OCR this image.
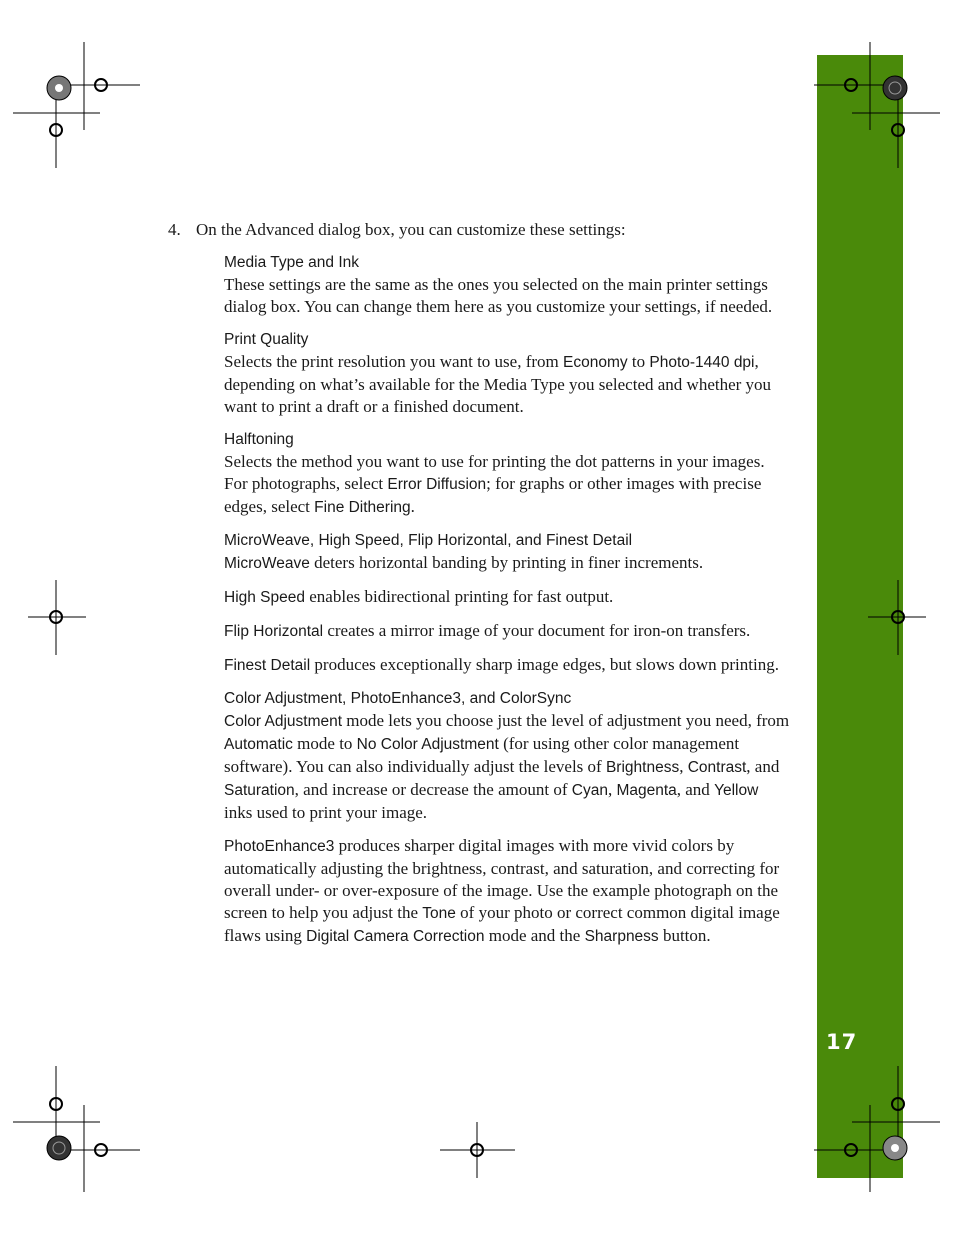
17
4. On the Advanced dialog box, you can customize these settings:

Media Type and Ink

These settings are the same as the ones you selected on the main printer settings dialog box. You can change them here as you customize your settings, if needed.

Print Quality

Selects the print resolution you want to use, from Economy to Photo-1440 dpi, depending on what’s available for the Media Type you selected and whether you want to print a draft or a finished document.

Halftoning

Selects the method you want to use for printing the dot patterns in your images. For photographs, select Error Diffusion; for graphs or other images with precise edges, select Fine Dithering.

MicroWeave, High Speed, Flip Horizontal, and Finest Detail

MicroWeave deters horizontal banding by printing in finer increments.

High Speed enables bidirectional printing for fast output.

Flip Horizontal creates a mirror image of your document for iron-on transfers.

Finest Detail produces exceptionally sharp image edges, but slows down printing.

Color Adjustment, PhotoEnhance3, and ColorSync

Color Adjustment mode lets you choose just the level of adjustment you need, from Automatic mode to No Color Adjustment (for using other color management software). You can also individually adjust the levels of Brightness, Contrast, and Saturation, and increase or decrease the amount of Cyan, Magenta, and Yellow inks used to print your image.

PhotoEnhance3 produces sharper digital images with more vivid colors by automatically adjusting the brightness, contrast, and saturation, and correcting for overall under- or over-exposure of the image. Use the example photograph on the screen to help you adjust the Tone of your photo or correct common digital image flaws using Digital Camera Correction mode and the Sharpness button.
